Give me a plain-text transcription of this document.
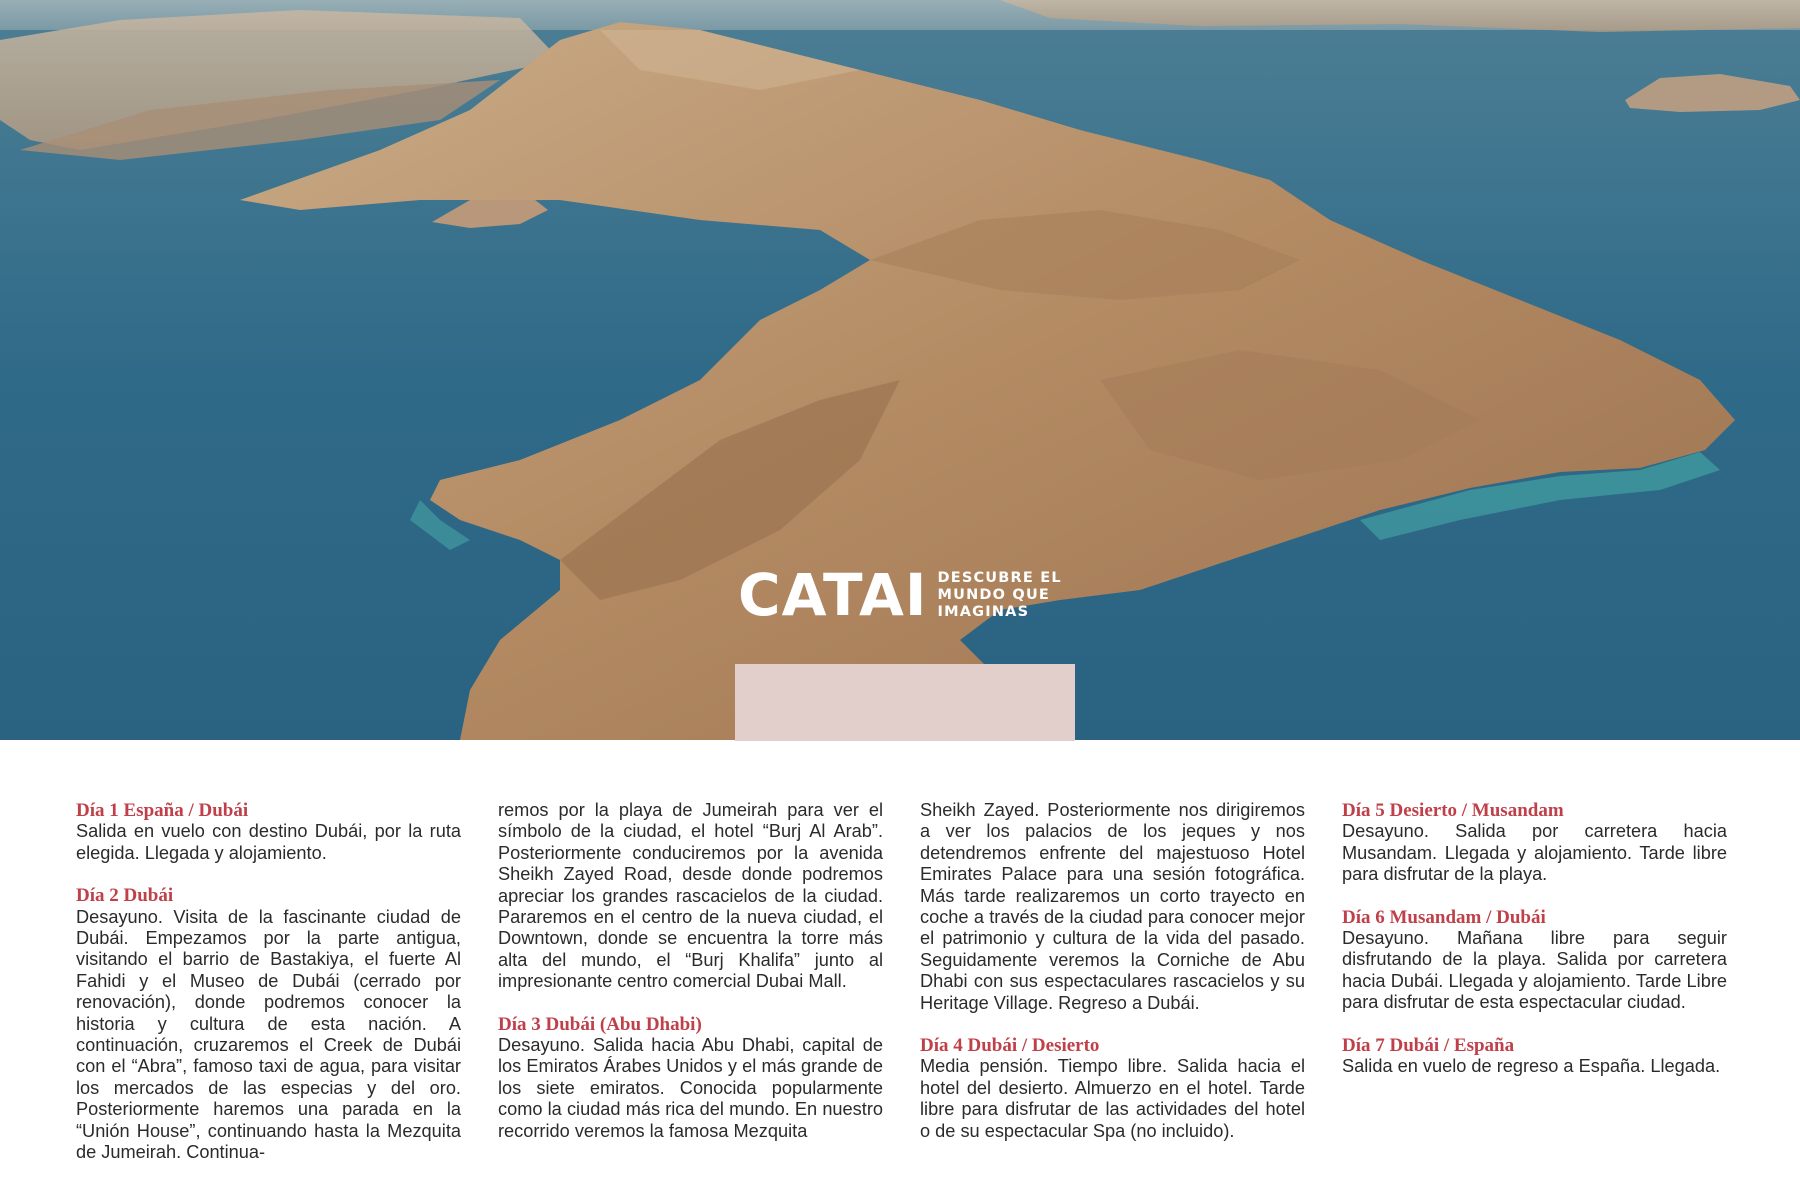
CATAI DESCUBRE EL
MUNDO QUE
IMAGINAS
Día 1 España / Dubái
Salida en vuelo con destino Dubái, por la ruta elegida. Llegada y alojamiento.
Día 2 Dubái
Desayuno. Visita de la fascinante ciudad de Dubái. Empezamos por la parte antigua, visitando el barrio de Bastakiya, el fuerte Al Fahidi y el Museo de Dubái (cerrado por renovación), donde podremos conocer la historia y cultura de esta nación. A continuación, cruzaremos el Creek de Dubái con el “Abra”, famoso taxi de agua, para visitar los mercados de las especias y del oro. Posteriormente haremos una parada en la “Unión House”, continuando hasta la Mezquita de Jumeirah. Continua-
remos por la playa de Jumeirah para ver el símbolo de la ciudad, el hotel “Burj Al Arab”. Posteriormente conduciremos por la avenida Sheikh Zayed Road, desde donde podremos apreciar los grandes rascacielos de la ciudad. Pararemos en el centro de la nueva ciudad, el Downtown, donde se encuentra la torre más alta del mundo, el “Burj Khalifa” junto al impresionante centro comercial Dubai Mall.
Día 3 Dubái (Abu Dhabi)
Desayuno. Salida hacia Abu Dhabi, capital de los Emiratos Árabes Unidos y el más grande de los siete emiratos. Conocida popularmente como la ciudad más rica del mundo. En nuestro recorrido veremos la famosa Mezquita
Sheikh Zayed. Posteriormente nos dirigiremos a ver los palacios de los jeques y nos detendremos enfrente del majestuoso Hotel Emirates Palace para una sesión fotográfica. Más tarde realizaremos un corto trayecto en coche a través de la ciudad para conocer mejor el patrimonio y cultura de la vida del pasado. Seguidamente veremos la Corniche de Abu Dhabi con sus espectaculares rascacielos y su Heritage Village. Regreso a Dubái.
Día 4 Dubái / Desierto
Media pensión. Tiempo libre. Salida hacia el hotel del desierto. Almuerzo en el hotel. Tarde libre para disfrutar de las actividades del hotel o de su espectacular Spa (no incluido).
Día 5 Desierto / Musandam
Desayuno. Salida por carretera hacia Musandam. Llegada y alojamiento. Tarde libre para disfrutar de la playa.
Día 6 Musandam / Dubái
Desayuno. Mañana libre para seguir disfrutando de la playa. Salida por carretera hacia Dubái. Llegada y alojamiento. Tarde Libre para disfrutar de esta espectacular ciudad.
Día 7 Dubái / España
Salida en vuelo de regreso a España. Llegada.
